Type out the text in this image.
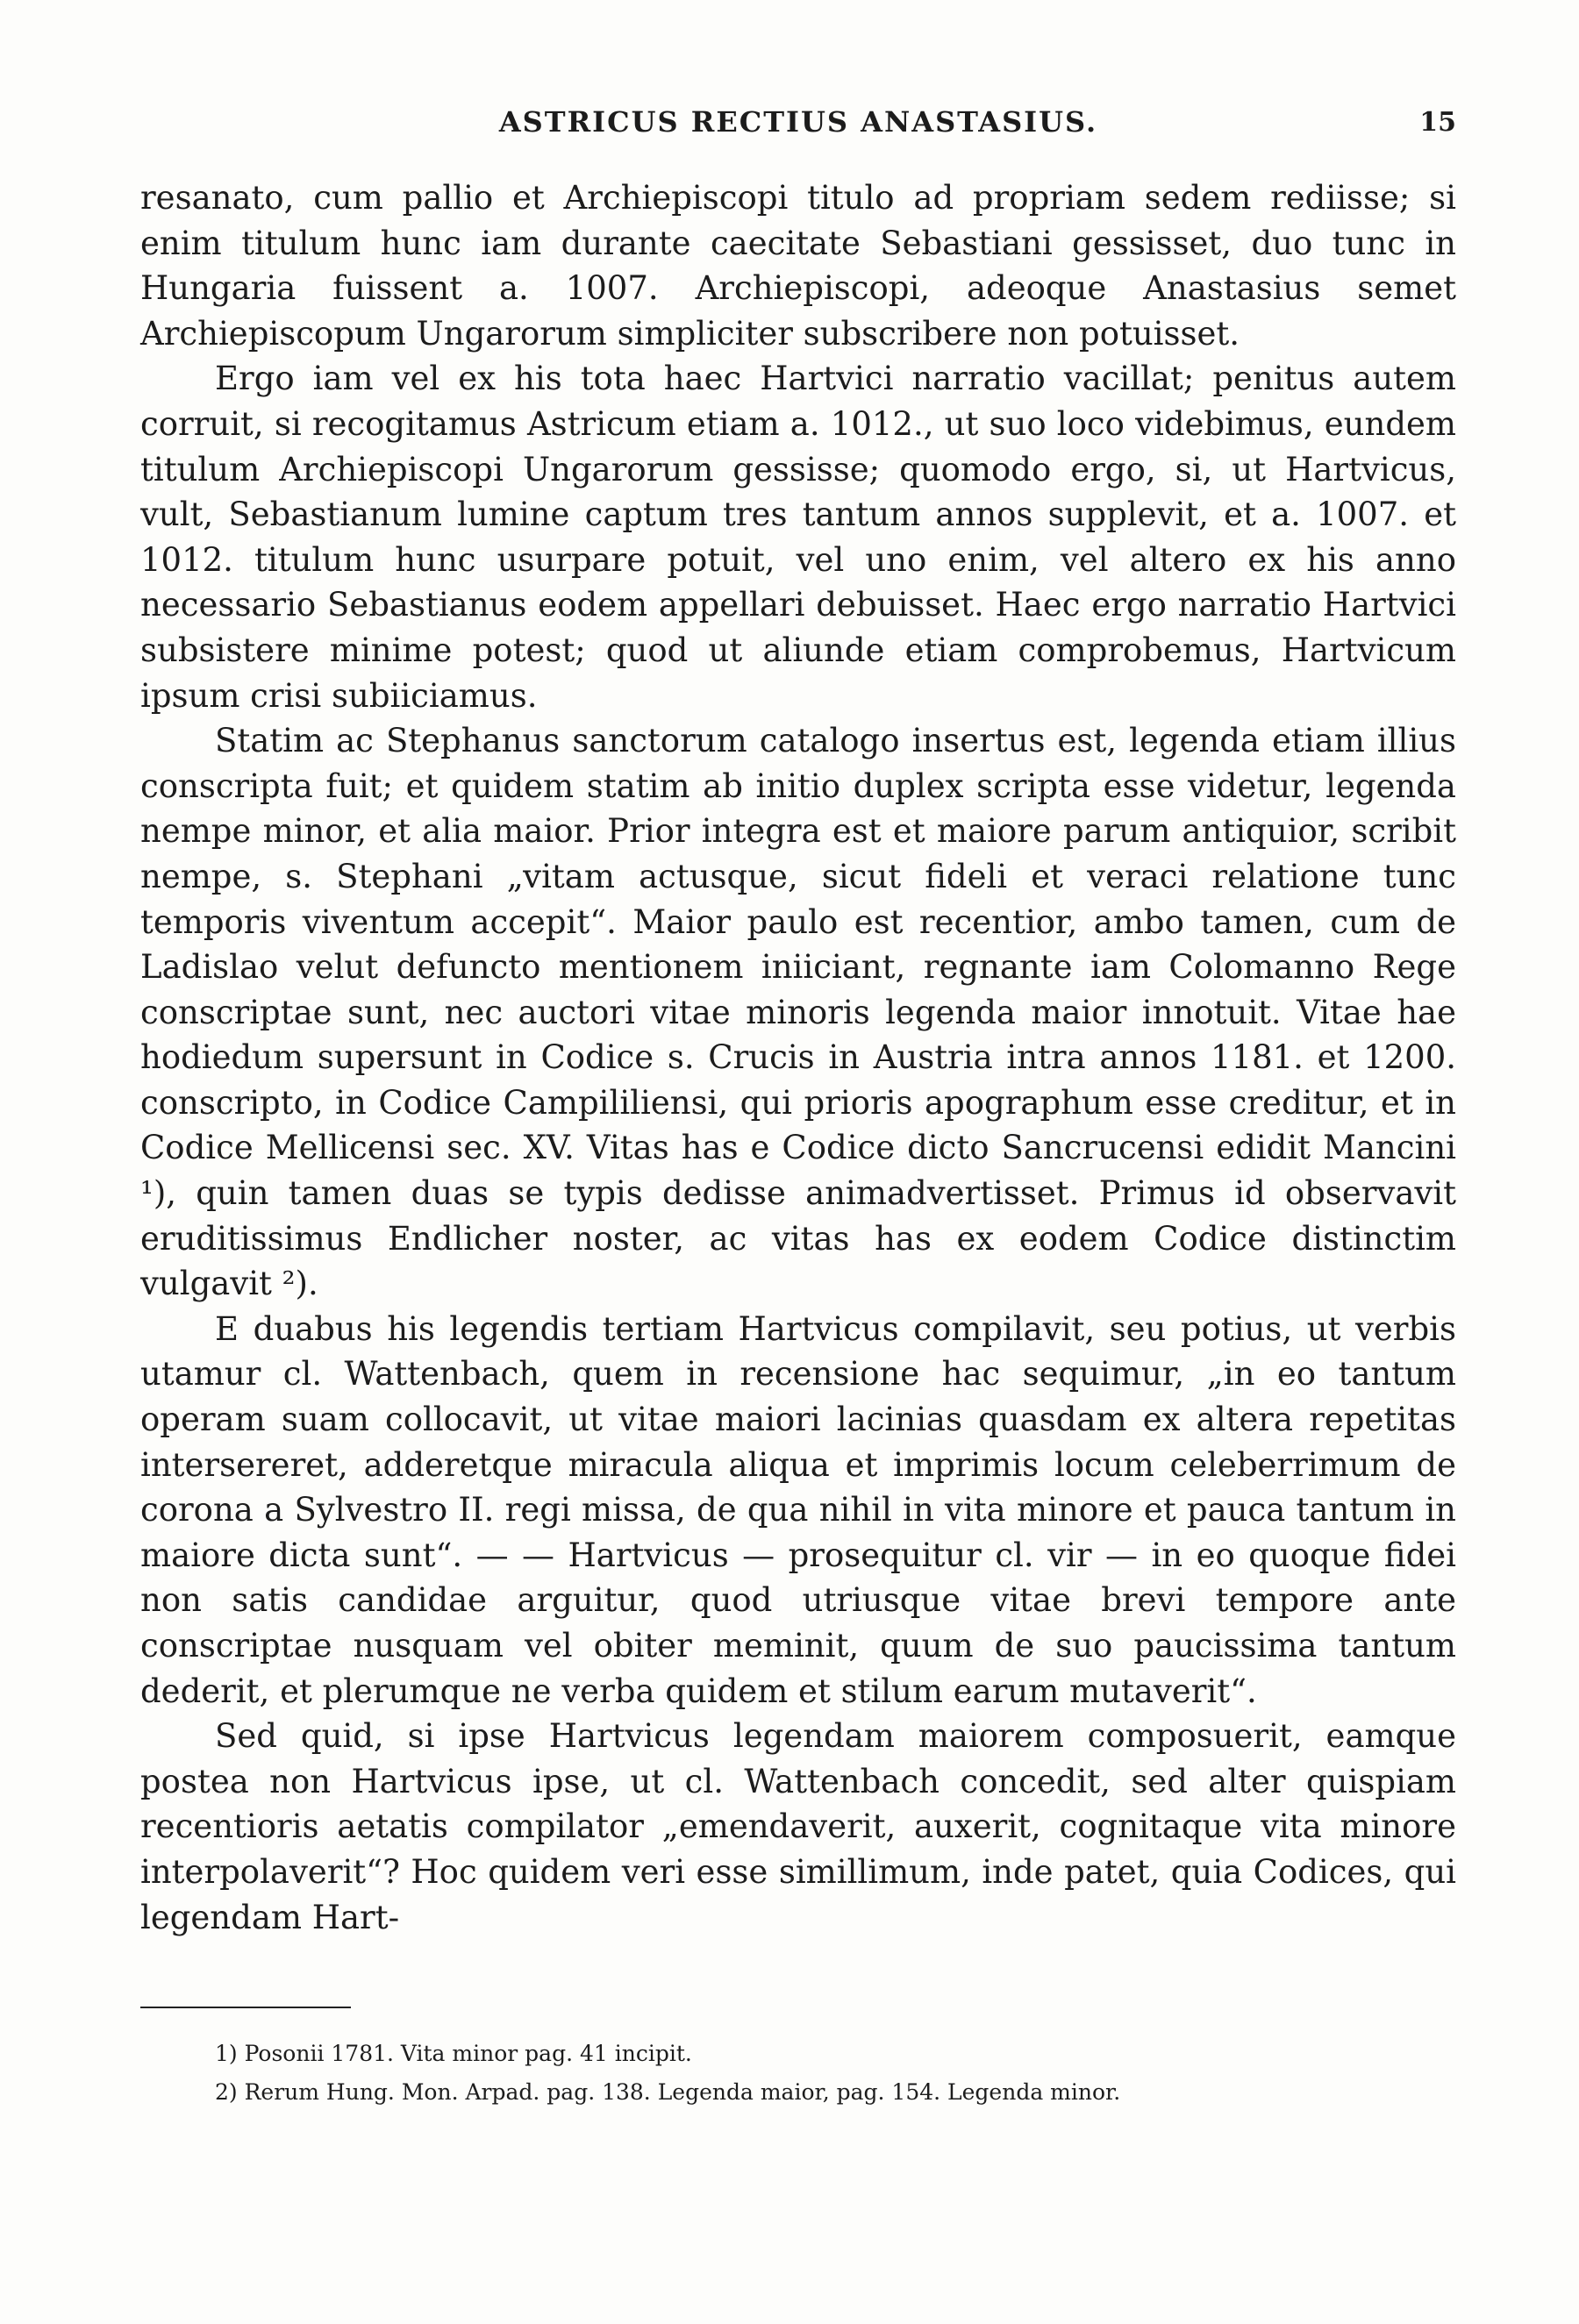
ASTRICUS RECTIUS ANASTASIUS.	15

resanato, cum pallio et Archiepiscopi titulo ad propriam sedem rediisse; si enim titulum hunc iam durante caecitate Sebastiani gessisset, duo tunc in Hungaria fuissent a. 1007. Archiepiscopi, adeoque Anastasius semet Archiepiscopum Ungarorum simpliciter subscribere non potuisset.

Ergo iam vel ex his tota haec Hartvici narratio vacillat; penitus autem corruit, si recogitamus Astricum etiam a. 1012., ut suo loco videbimus, eundem titulum Archiepiscopi Ungarorum gessisse; quomodo ergo, si, ut Hartvicus, vult, Sebastianum lumine captum tres tantum annos supplevit, et a. 1007. et 1012. titulum hunc usurpare potuit, vel uno enim, vel altero ex his anno necessario Sebastianus eodem appellari debuisset. Haec ergo narratio Hartvici subsistere minime potest; quod ut aliunde etiam comprobemus, Hartvicum ipsum crisi subiiciamus.

Statim ac Stephanus sanctorum catalogo insertus est, legenda etiam illius conscripta fuit; et quidem statim ab initio duplex scripta esse videtur, legenda nempe minor, et alia maior. Prior integra est et maiore parum antiquior, scribit nempe, s. Stephani „vitam actusque, sicut fideli et veraci relatione tunc temporis viventum accepit“. Maior paulo est recentior, ambo tamen, cum de Ladislao velut defuncto mentionem iniiciant, regnante iam Colomanno Rege conscriptae sunt, nec auctori vitae minoris legenda maior innotuit. Vitae hae hodiedum supersunt in Codice s. Crucis in Austria intra annos 1181. et 1200. conscripto, in Codice Campililiensi, qui prioris apographum esse creditur, et in Codice Mellicensi sec. XV. Vitas has e Codice dicto Sancrucensi edidit Mancini ¹), quin tamen duas se typis dedisse animadvertisset. Primus id observavit eruditissimus Endlicher noster, ac vitas has ex eodem Codice distinctim vulgavit ²).

E duabus his legendis tertiam Hartvicus compilavit, seu potius, ut verbis utamur cl. Wattenbach, quem in recensione hac sequimur, „in eo tantum operam suam collocavit, ut vitae maiori lacinias quasdam ex altera repetitas intersereret, adderetque miracula aliqua et imprimis locum celeberrimum de corona a Sylvestro II. regi missa, de qua nihil in vita minore et pauca tantum in maiore dicta sunt“. — — Hartvicus — prosequitur cl. vir — in eo quoque fidei non satis candidae arguitur, quod utriusque vitae brevi tempore ante conscriptae nusquam vel obiter meminit, quum de suo paucissima tantum dederit, et plerumque ne verba quidem et stilum earum mutaverit“.

Sed quid, si ipse Hartvicus legendam maiorem composuerit, eamque postea non Hartvicus ipse, ut cl. Wattenbach concedit, sed alter quispiam recentioris aetatis compilator „emendaverit, auxerit, cognitaque vita minore interpolaverit“? Hoc quidem veri esse simillimum, inde patet, quia Codices, qui legendam Hart-

1) Posonii 1781. Vita minor pag. 41 incipit.

2) Rerum Hung. Mon. Arpad. pag. 138. Legenda maior, pag. 154. Legenda minor.
